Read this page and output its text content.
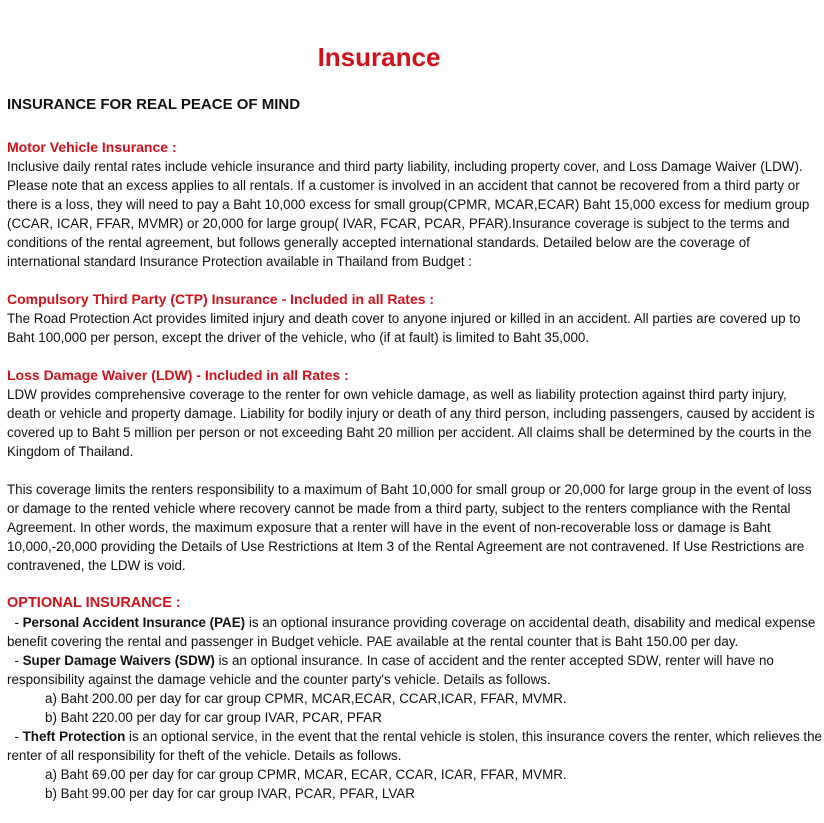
Insurance
INSURANCE FOR REAL PEACE OF MIND

Motor Vehicle Insurance :

Inclusive daily rental rates include vehicle insurance and third party liability, including property cover, and Loss Damage Waiver (LDW). Please note that an excess applies to all rentals. If a customer is involved in an accident that cannot be recovered from a third party or there is a loss, they will need to pay a Baht 10,000 excess for small group(CPMR, MCAR,ECAR) Baht 15,000 excess for medium group (CCAR, ICAR, FFAR, MVMR) or 20,000 for large group( IVAR, FCAR, PCAR, PFAR).Insurance coverage is subject to the terms and conditions of the rental agreement, but follows generally accepted international standards. Detailed below are the coverage of international standard Insurance Protection available in Thailand from Budget :

Compulsory Third Party (CTP) Insurance - Included in all Rates :

The Road Protection Act provides limited injury and death cover to anyone injured or killed in an accident. All parties are covered up to Baht 100,000 per person, except the driver of the vehicle, who (if at fault) is limited to Baht 35,000.

Loss Damage Waiver (LDW) - Included in all Rates :

LDW provides comprehensive coverage to the renter for own vehicle damage, as well as liability protection against third party injury, death or vehicle and property damage. Liability for bodily injury or death of any third person, including passengers, caused by accident is covered up to Baht 5 million per person or not exceeding Baht 20 million per accident. All claims shall be determined by the courts in the Kingdom of Thailand.

This coverage limits the renters responsibility to a maximum of Baht 10,000 for small group or 20,000 for large group in the event of loss or damage to the rented vehicle where recovery cannot be made from a third party, subject to the renters compliance with the Rental Agreement. In other words, the maximum exposure that a renter will have in the event of non-recoverable loss or damage is Baht 10,000,-20,000 providing the Details of Use Restrictions at Item 3 of the Rental Agreement are not contravened. If Use Restrictions are contravened, the LDW is void.

OPTIONAL INSURANCE :

- Personal Accident Insurance (PAE) is an optional insurance providing coverage on accidental death, disability and medical expense benefit covering the rental and passenger in Budget vehicle. PAE available at the rental counter that is Baht 150.00 per day.

- Super Damage Waivers (SDW) is an optional insurance. In case of accident and the renter accepted SDW, renter will have no responsibility against the damage vehicle and the counter party's vehicle. Details as follows.

a) Baht 200.00 per day for car group CPMR, MCAR,ECAR, CCAR,ICAR, FFAR, MVMR.

b) Baht 220.00 per day for car group IVAR, PCAR, PFAR

- Theft Protection is an optional service, in the event that the rental vehicle is stolen, this insurance covers the renter, which relieves the renter of all responsibility for theft of the vehicle. Details as follows.

a) Baht 69.00 per day for car group CPMR, MCAR, ECAR, CCAR, ICAR, FFAR, MVMR.

b) Baht 99.00 per day for car group IVAR, PCAR, PFAR, LVAR
